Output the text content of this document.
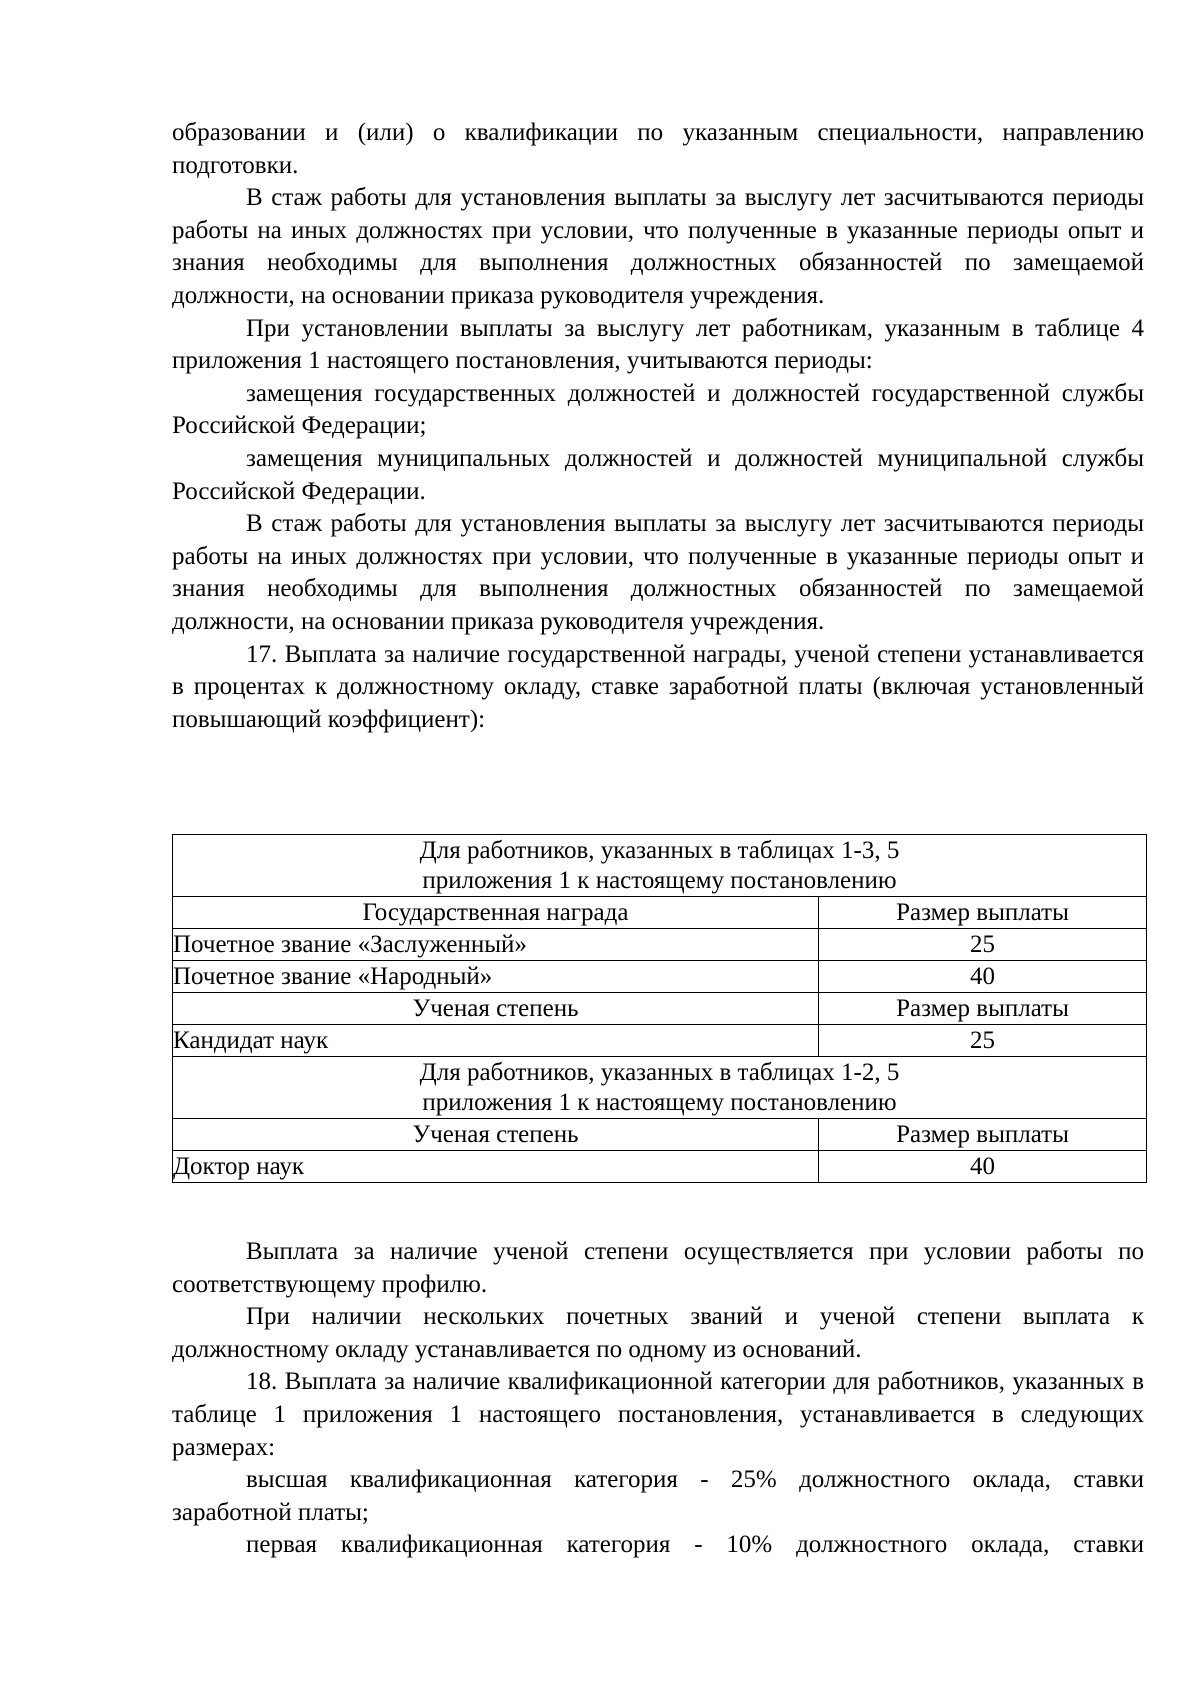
образовании и (или) о квалификации по указанным специальности, направлению подготовки.

В стаж работы для установления выплаты за выслугу лет засчитываются периоды работы на иных должностях при условии, что полученные в указанные периоды опыт и знания необходимы для выполнения должностных обязанностей по замещаемой должности, на основании приказа руководителя учреждения.

При установлении выплаты за выслугу лет работникам, указанным в таблице 4 приложения 1 настоящего постановления, учитываются периоды:

замещения государственных должностей и должностей государственной службы Российской Федерации;

замещения муниципальных должностей и должностей муниципальной службы Российской Федерации.

В стаж работы для установления выплаты за выслугу лет засчитываются периоды работы на иных должностях при условии, что полученные в указанные периоды опыт и знания необходимы для выполнения должностных обязанностей по замещаемой должности, на основании приказа руководителя учреждения.

17. Выплата за наличие государственной награды, ученой степени устанавливается в процентах к должностному окладу, ставке заработной платы (включая установленный повышающий коэффициент):

Для работников, указанных в таблицах 1-3, 5
приложения 1 к настоящему постановлению	

Государственная награда	Размер выплаты
Почетное звание «Заслуженный»	25
Почетное звание «Народный»	40
Ученая степень	Размер выплаты
Кандидат наук	25

Для работников, указанных в таблицах 1-2, 5
приложения 1 к настоящему постановлению	

Ученая степень	Размер выплаты
Доктор наук	40

Выплата за наличие ученой степени осуществляется при условии работы по соответствующему профилю.

При наличии нескольких почетных званий и ученой степени выплата к должностному окладу устанавливается по одному из оснований.

18. Выплата за наличие квалификационной категории для работников, указанных в таблице 1 приложения 1 настоящего постановления, устанавливается в следующих размерах:

высшая квалификационная категория - 25% должностного оклада, ставки заработной платы;

первая квалификационная категория - 10% должностного оклада, ставки
